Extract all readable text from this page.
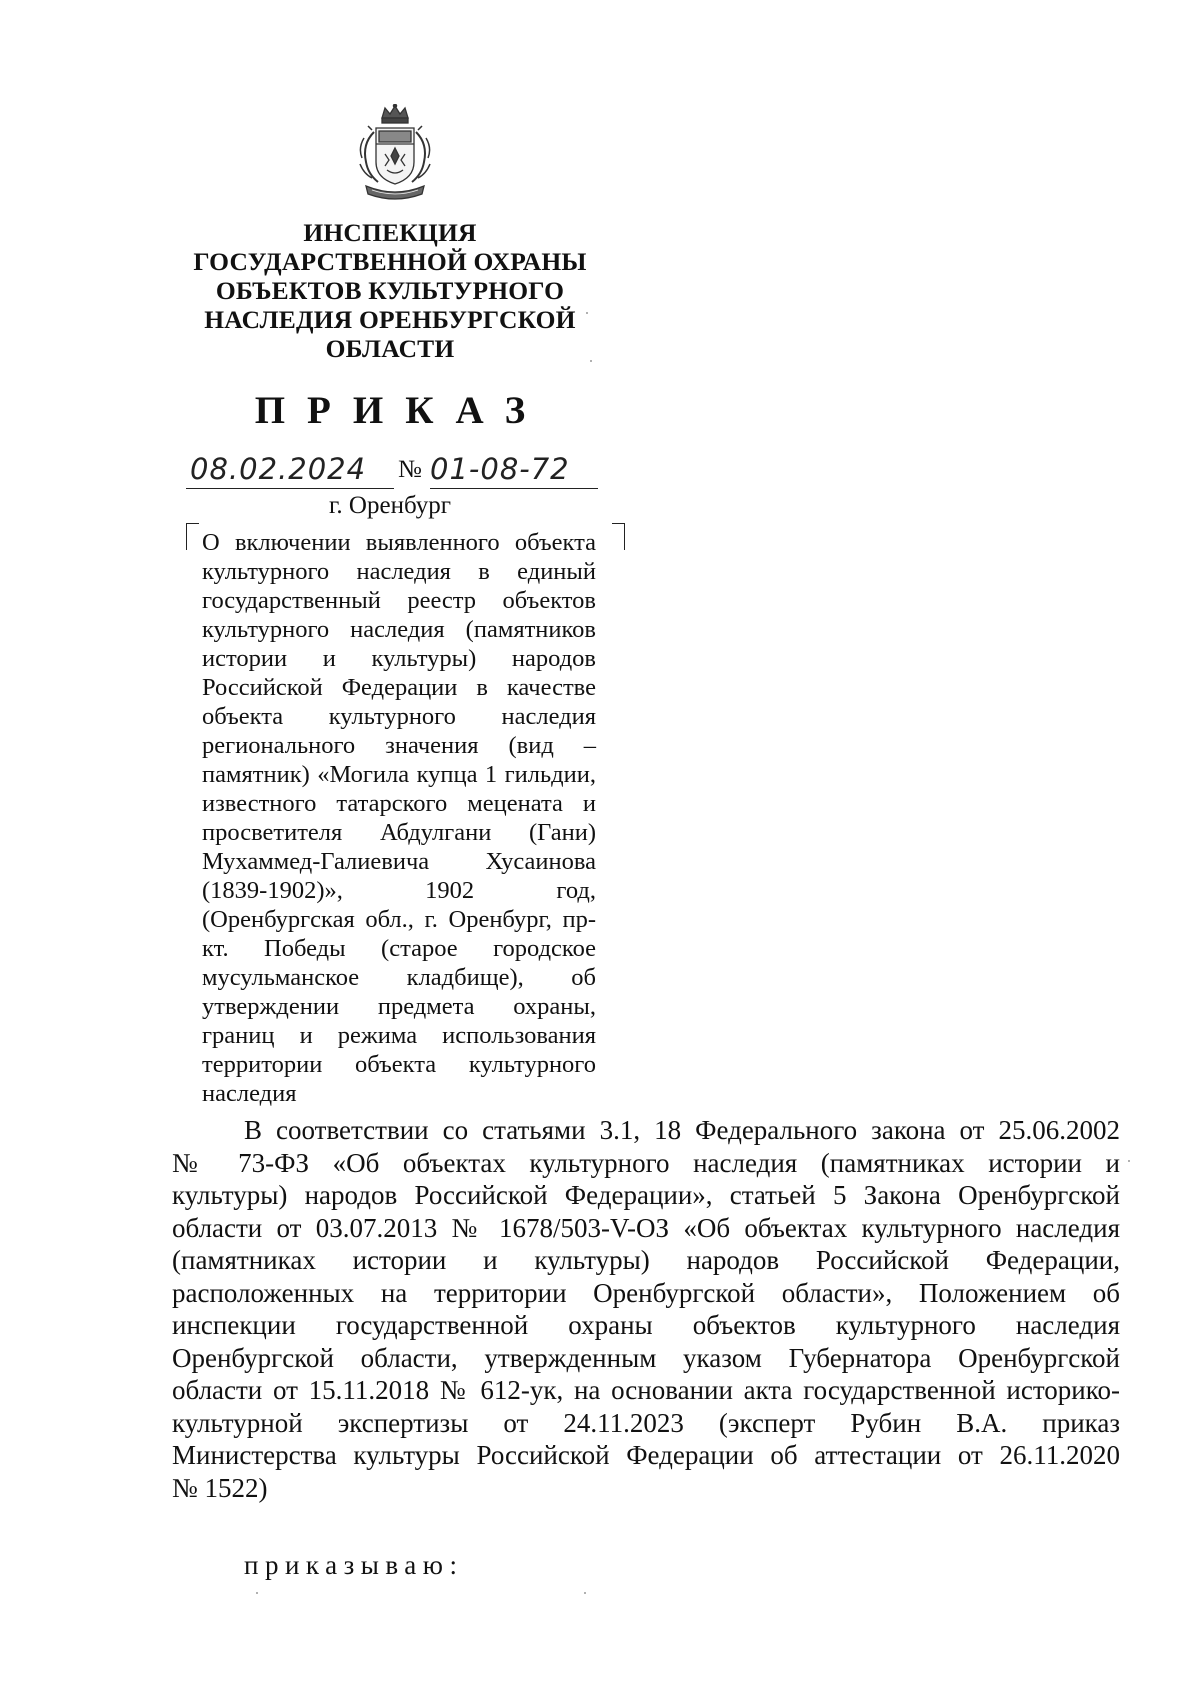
ИНСПЕКЦИЯ
ГОСУДАРСТВЕННОЙ ОХРАНЫ
ОБЪЕКТОВ КУЛЬТУРНОГО
НАСЛЕДИЯ ОРЕНБУРГСКОЙ
ОБЛАСТИ
ПРИКАЗ
08.02.2024 № 01-08-72
г. Оренбург
О включении выявленного объекта
культурного наследия в единый
государственный реестр объектов
культурного наследия (памятников
истории и культуры) народов
Российской Федерации в качестве
объекта культурного наследия
регионального значения (вид –
памятник) «Могила купца 1 гильдии,
известного татарского мецената и
просветителя Абдулгани (Гани)
Мухаммед-Галиевича Хусаинова
(1839-1902)», 1902 год,
(Оренбургская обл., г. Оренбург, пр-
кт. Победы (старое городское
мусульманское кладбище), об
утверждении предмета охраны,
границ и режима использования
территории объекта культурного
наследия
В соответствии со статьями 3.1, 18 Федерального закона от 25.06.2002
№ 73-ФЗ «Об объектах культурного наследия (памятниках истории и
культуры) народов Российской Федерации», статьей 5 Закона Оренбургской
области от 03.07.2013 № 1678/503-V-ОЗ «Об объектах культурного наследия
(памятниках истории и культуры) народов Российской Федерации,
расположенных на территории Оренбургской области», Положением об
инспекции государственной охраны объектов культурного наследия
Оренбургской области, утвержденным указом Губернатора Оренбургской
области от 15.11.2018 № 612-ук, на основании акта государственной историко-
культурной экспертизы от 24.11.2023 (эксперт Рубин В.А. приказ
Министерства культуры Российской Федерации об аттестации от 26.11.2020
№ 1522)
приказываю:
